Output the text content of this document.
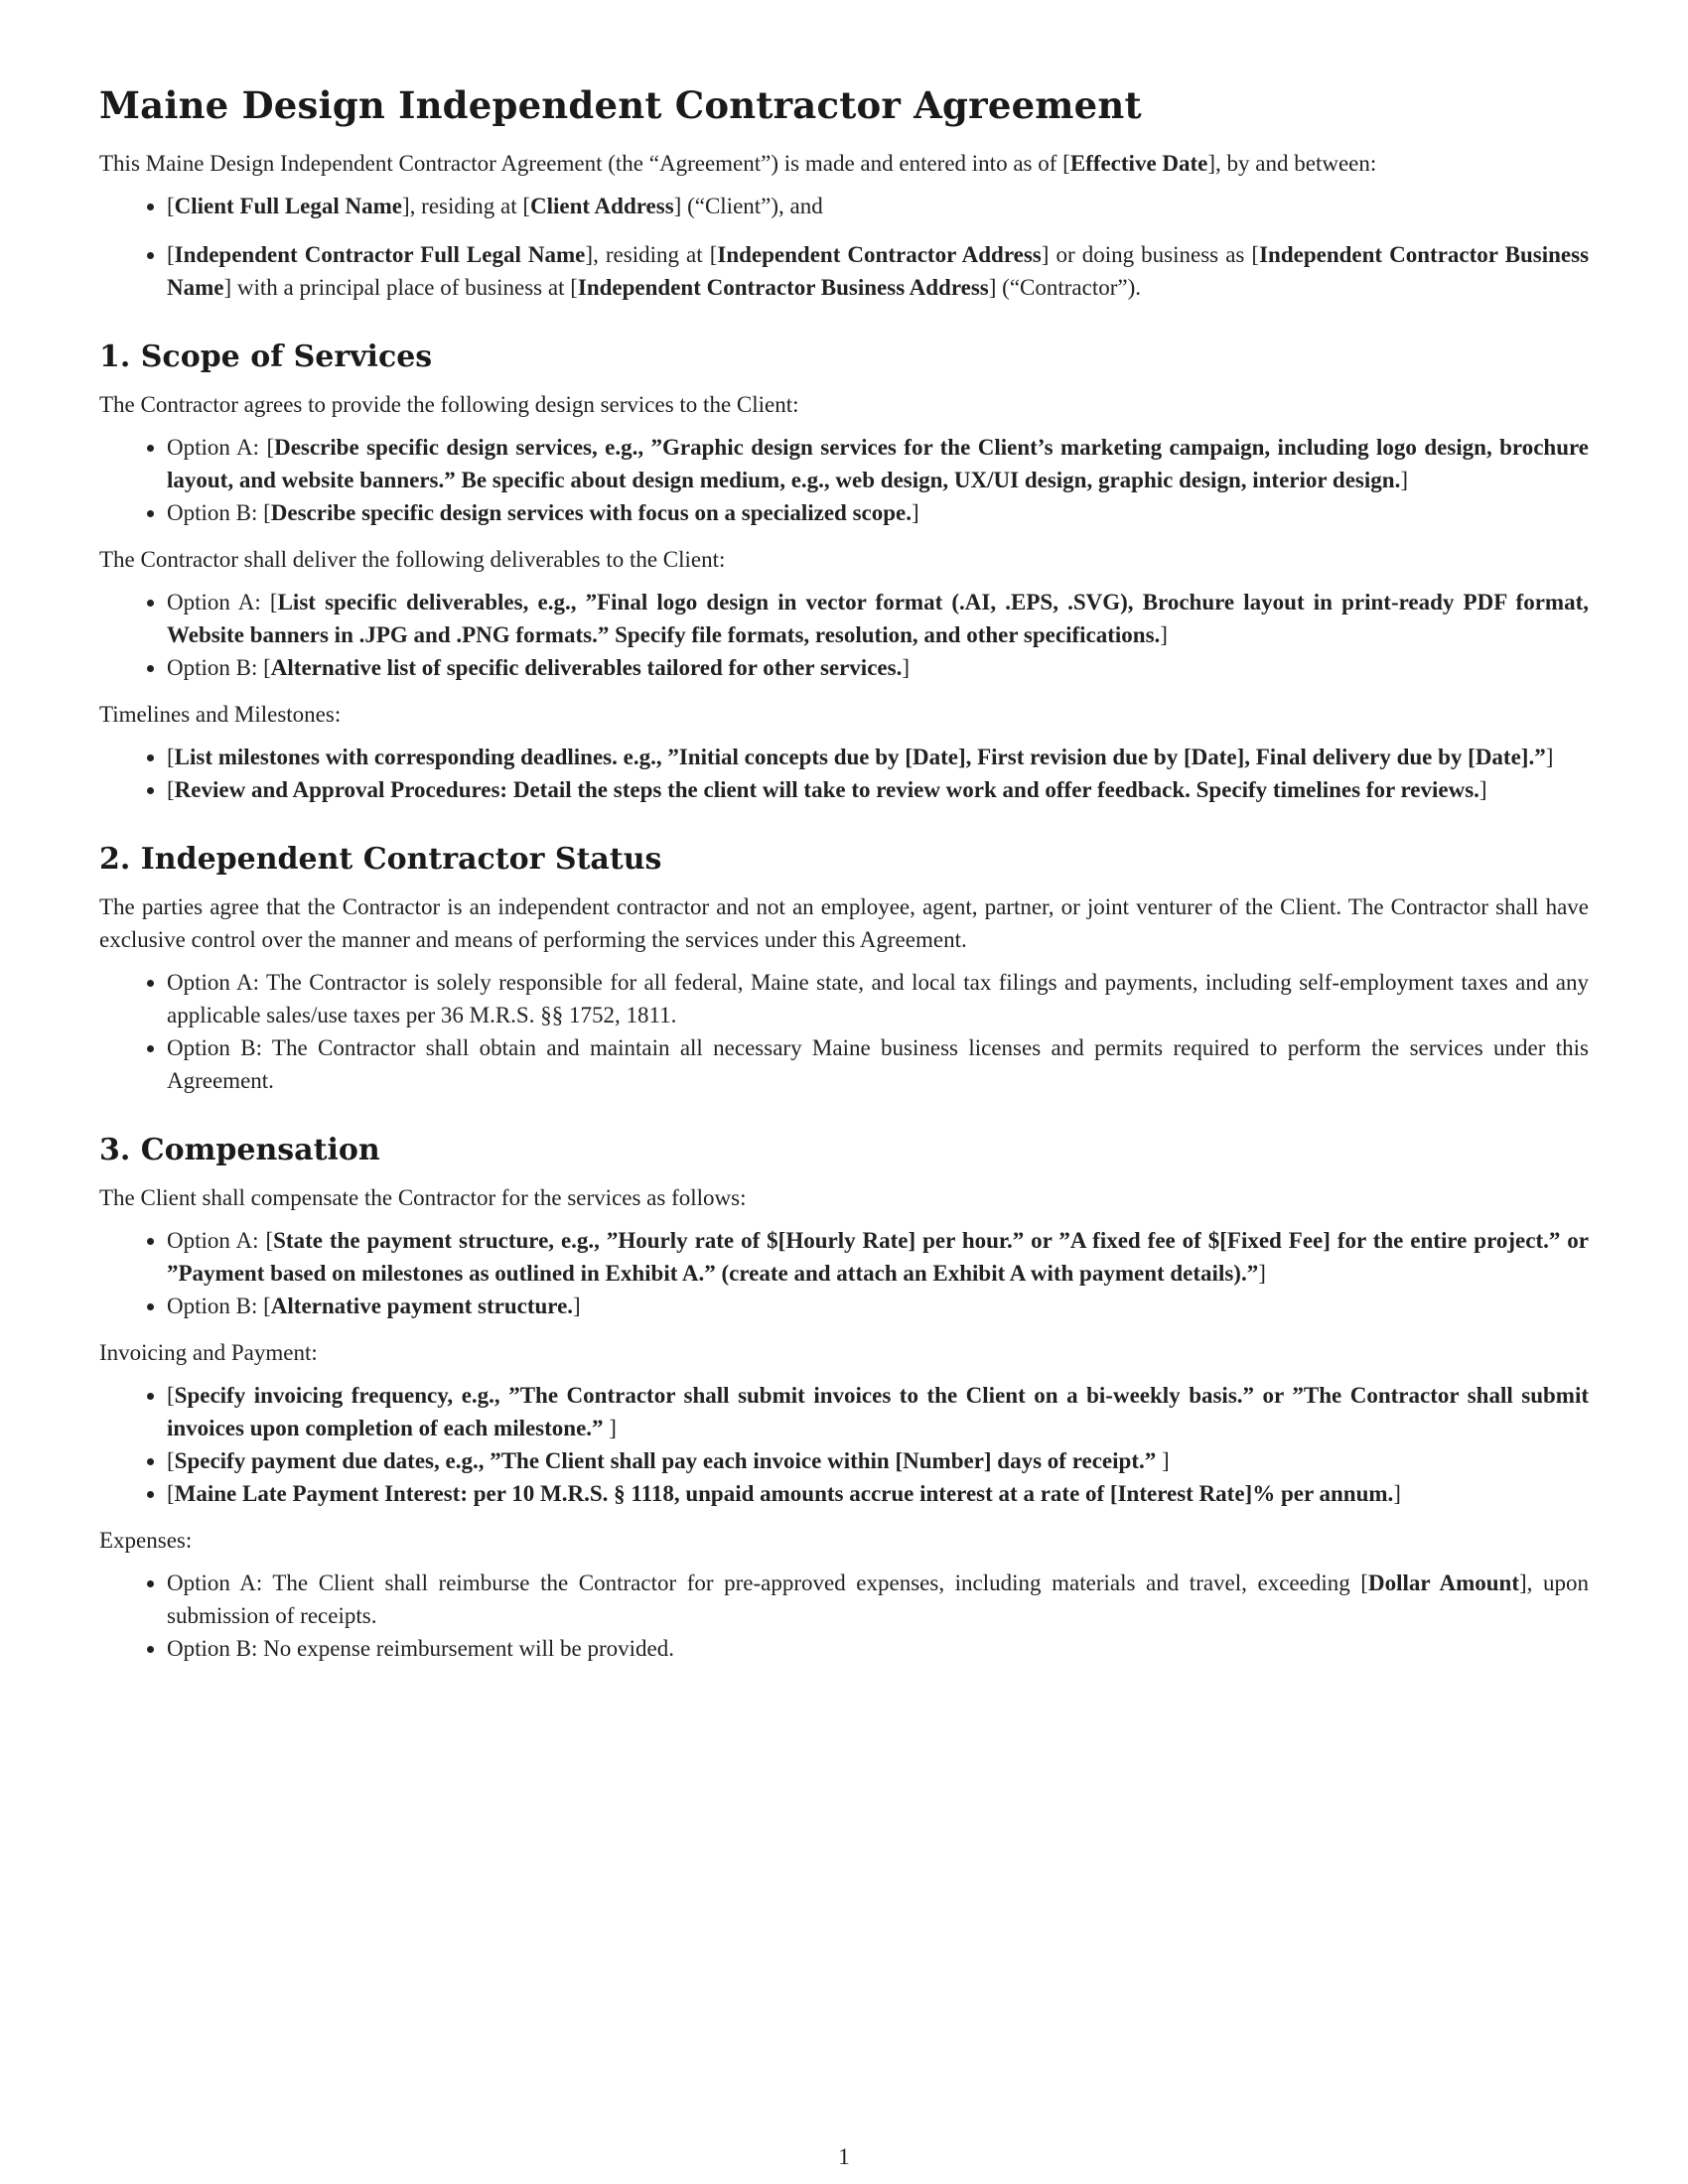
Maine Design Independent Contractor Agreement

This Maine Design Independent Contractor Agreement (the “Agreement”) is made and entered into as of [Effective Date], by and between:

• [Client Full Legal Name], residing at [Client Address] (“Client”), and
• [Independent Contractor Full Legal Name], residing at [Independent Contractor Address] or doing business as [Independent Contractor Business Name] with a principal place of business at [Independent Contractor Business Address] (“Contractor”).
1. Scope of Services

The Contractor agrees to provide the following design services to the Client:

• Option A: [Describe specific design services, e.g., ”Graphic design services for the Client’s marketing campaign, including logo design, brochure layout, and website banners.” Be specific about design medium, e.g., web design, UX/UI design, graphic design, interior design.]
• Option B: [Describe specific design services with focus on a specialized scope.]

The Contractor shall deliver the following deliverables to the Client:

• Option A: [List specific deliverables, e.g., ”Final logo design in vector format (.AI, .EPS, .SVG), Brochure layout in print-ready PDF format, Website banners in .JPG and .PNG formats.” Specify file formats, resolution, and other specifications.]
• Option B: [Alternative list of specific deliverables tailored for other services.]

Timelines and Milestones:

• [List milestones with corresponding deadlines. e.g., ”Initial concepts due by [Date], First revision due by [Date], Final delivery due by [Date].”]
• [Review and Approval Procedures: Detail the steps the client will take to review work and offer feedback. Specify timelines for reviews.]
2. Independent Contractor Status

The parties agree that the Contractor is an independent contractor and not an employee, agent, partner, or joint venturer of the Client. The Contractor shall have exclusive control over the manner and means of performing the services under this Agreement.

• Option A: The Contractor is solely responsible for all federal, Maine state, and local tax filings and payments, including self-employment taxes and any applicable sales/use taxes per 36 M.R.S. §§ 1752, 1811.
• Option B: The Contractor shall obtain and maintain all necessary Maine business licenses and permits required to perform the services under this Agreement.
3. Compensation

The Client shall compensate the Contractor for the services as follows:

• Option A: [State the payment structure, e.g., ”Hourly rate of $[Hourly Rate] per hour.” or ”A fixed fee of $[Fixed Fee] for the entire project.” or ”Payment based on milestones as outlined in Exhibit A.” (create and attach an Exhibit A with payment details).”]
• Option B: [Alternative payment structure.]

Invoicing and Payment:

• [Specify invoicing frequency, e.g., ”The Contractor shall submit invoices to the Client on a bi-weekly basis.” or ”The Contractor shall submit invoices upon completion of each milestone.” ]
• [Specify payment due dates, e.g., ”The Client shall pay each invoice within [Number] days of receipt.” ]
• [Maine Late Payment Interest: per 10 M.R.S. § 1118, unpaid amounts accrue interest at a rate of [Interest Rate]% per annum.]

Expenses:

• Option A: The Client shall reimburse the Contractor for pre-approved expenses, including materials and travel, exceeding [Dollar Amount], upon submission of receipts.
• Option B: No expense reimbursement will be provided.
1
